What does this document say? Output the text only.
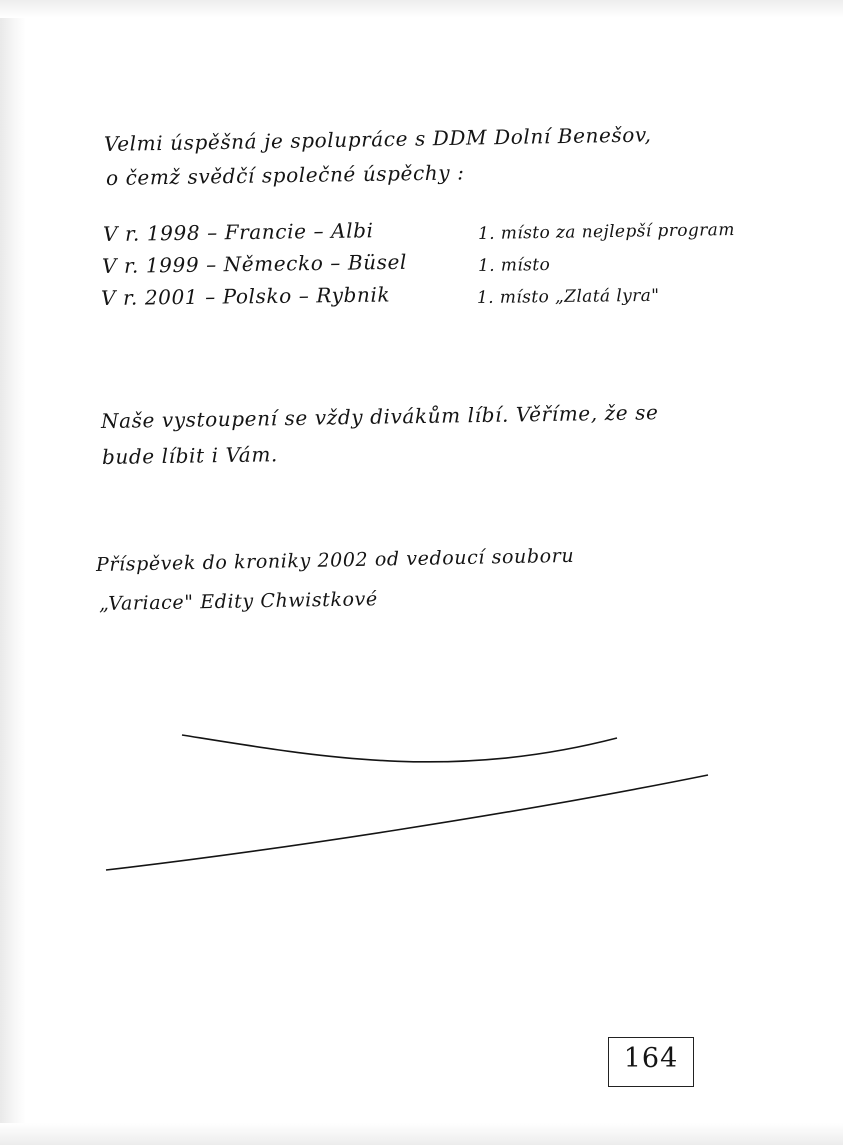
Velmi úspěšná je spolupráce s DDM Dolní Benešov,
o čemž svědčí společné úspěchy :
V r. 1998 – Francie – Albi	1. místo za nejlepší program
V r. 1999 – Německo – Büsel	1. místo
V r. 2001 – Polsko – Rybnik	1. místo „Zlatá lyra"
Naše vystoupení se vždy divákům líbí. Věříme, že se
bude líbit i Vám.
Příspěvek do kroniky 2002 od vedoucí souboru
„Variace" Edity Chwistkové
164
